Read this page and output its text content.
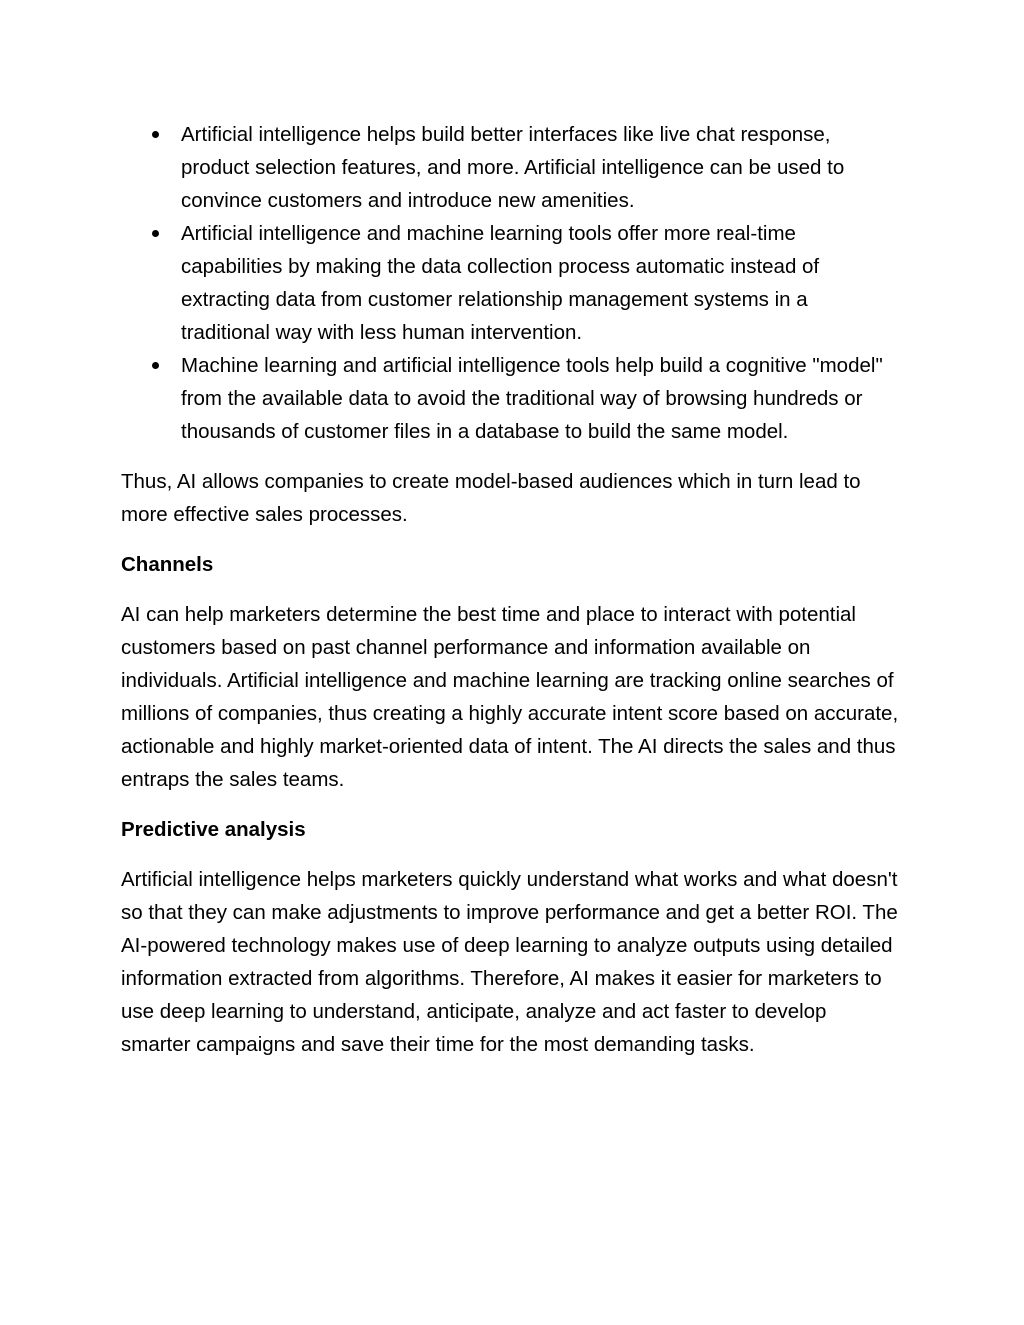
Artificial intelligence helps build better interfaces like live chat response, product selection features, and more. Artificial intelligence can be used to convince customers and introduce new amenities.
Artificial intelligence and machine learning tools offer more real-time capabilities by making the data collection process automatic instead of extracting data from customer relationship management systems in a traditional way with less human intervention.
Machine learning and artificial intelligence tools help build a cognitive "model" from the available data to avoid the traditional way of browsing hundreds or thousands of customer files in a database to build the same model.

Thus, AI allows companies to create model-based audiences which in turn lead to more effective sales processes.

Channels

AI can help marketers determine the best time and place to interact with potential customers based on past channel performance and information available on individuals. Artificial intelligence and machine learning are tracking online searches of millions of companies, thus creating a highly accurate intent score based on accurate, actionable and highly market-oriented data of intent. The AI directs the sales and thus entraps the sales teams.

Predictive analysis

Artificial intelligence helps marketers quickly understand what works and what doesn't so that they can make adjustments to improve performance and get a better ROI. The AI-powered technology makes use of deep learning to analyze outputs using detailed information extracted from algorithms. Therefore, AI makes it easier for marketers to use deep learning to understand, anticipate, analyze and act faster to develop smarter campaigns and save their time for the most demanding tasks.
